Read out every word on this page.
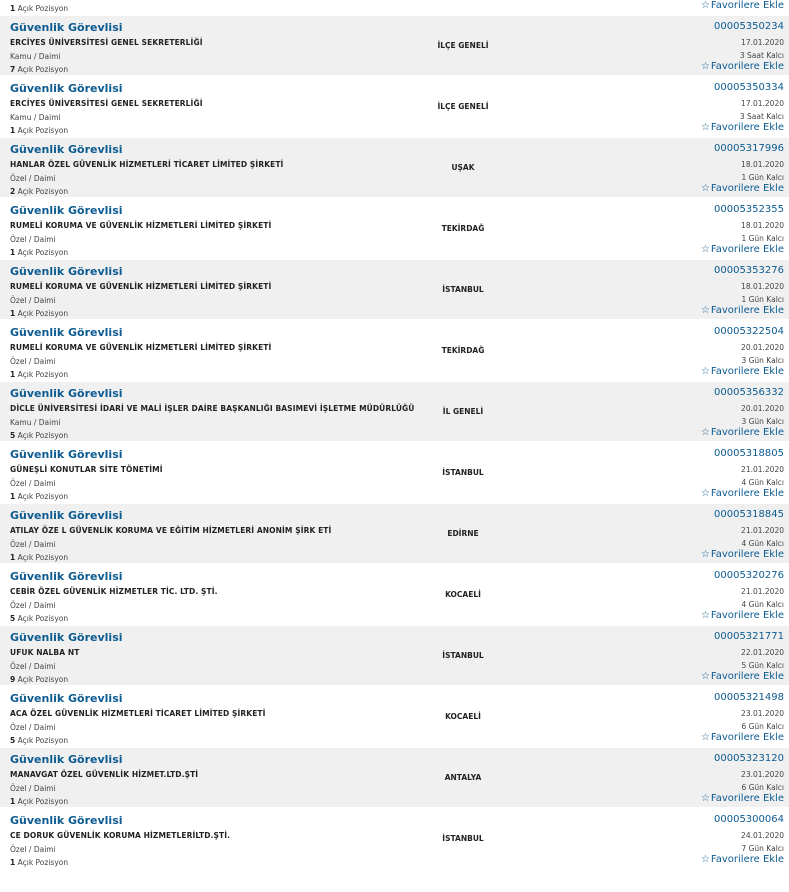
1 Açık Pozisyon	☆Favorilere Ekle
Güvenlik Görevlisi
ERCİYES ÜNİVERSİTESİ GENEL SEKRETERLİĞİ
Kamu / Daimi
7 Açık Pozisyon
İLÇE GENELİ
00005350234
17.01.2020
3 Saat Kalcı
☆Favorilere Ekle
Güvenlik Görevlisi
ERCİYES ÜNİVERSİTESİ GENEL SEKRETERLİĞİ
Kamu / Daimi
1 Açık Pozisyon
İLÇE GENELİ
00005350334
17.01.2020
3 Saat Kalcı
☆Favorilere Ekle
Güvenlik Görevlisi
HANLAR ÖZEL GÜVENLİK HİZMETLERİ TİCARET LİMİTED ŞİRKETİ
Özel / Daimi
2 Açık Pozisyon
UŞAK
00005317996
18.01.2020
1 Gün Kalcı
☆Favorilere Ekle
Güvenlik Görevlisi
RUMELİ KORUMA VE GÜVENLİK HİZMETLERİ LİMİTED ŞİRKETİ
Özel / Daimi
1 Açık Pozisyon
TEKİRDAĞ
00005352355
18.01.2020
1 Gün Kalcı
☆Favorilere Ekle
Güvenlik Görevlisi
RUMELİ KORUMA VE GÜVENLİK HİZMETLERİ LİMİTED ŞİRKETİ
Özel / Daimi
1 Açık Pozisyon
İSTANBUL
00005353276
18.01.2020
1 Gün Kalcı
☆Favorilere Ekle
Güvenlik Görevlisi
RUMELİ KORUMA VE GÜVENLİK HİZMETLERİ LİMİTED ŞİRKETİ
Özel / Daimi
1 Açık Pozisyon
TEKİRDAĞ
00005322504
20.01.2020
3 Gün Kalcı
☆Favorilere Ekle
Güvenlik Görevlisi
DİCLE ÜNİVERSİTESİ İDARİ VE MALİ İŞLER DAİRE BAŞKANLIĞI BASIMEVİ İŞLETME MÜDÜRLÜĞÜ
Kamu / Daimi
5 Açık Pozisyon
İL GENELİ
00005356332
20.01.2020
3 Gün Kalcı
☆Favorilere Ekle
Güvenlik Görevlisi
GÜNEŞLİ KONUTLAR SİTE TÖNETİMİ
Özel / Daimi
1 Açık Pozisyon
İSTANBUL
00005318805
21.01.2020
4 Gün Kalcı
☆Favorilere Ekle
Güvenlik Görevlisi
ATILAY ÖZE L GÜVENLİK KORUMA VE EĞİTİM HİZMETLERİ ANONİM ŞİRK ETİ
Özel / Daimi
1 Açık Pozisyon
EDİRNE
00005318845
21.01.2020
4 Gün Kalcı
☆Favorilere Ekle
Güvenlik Görevlisi
CEBİR ÖZEL GÜVENLİK HİZMETLER TİC. LTD. ŞTİ.
Özel / Daimi
5 Açık Pozisyon
KOCAELİ
00005320276
21.01.2020
4 Gün Kalcı
☆Favorilere Ekle
Güvenlik Görevlisi
UFUK NALBA NT
Özel / Daimi
9 Açık Pozisyon
İSTANBUL
00005321771
22.01.2020
5 Gün Kalcı
☆Favorilere Ekle
Güvenlik Görevlisi
ACA ÖZEL GÜVENLİK HİZMETLERİ TİCARET LİMİTED ŞİRKETİ
Özel / Daimi
5 Açık Pozisyon
KOCAELİ
00005321498
23.01.2020
6 Gün Kalcı
☆Favorilere Ekle
Güvenlik Görevlisi
MANAVGAT ÖZEL GÜVENLİK HİZMET.LTD.ŞTİ
Özel / Daimi
1 Açık Pozisyon
ANTALYA
00005323120
23.01.2020
6 Gün Kalcı
☆Favorilere Ekle
Güvenlik Görevlisi
CE DORUK GÜVENLİK KORUMA HİZMETLERİLTD.ŞTİ.
Özel / Daimi
1 Açık Pozisyon
İSTANBUL
00005300064
24.01.2020
7 Gün Kalcı
☆Favorilere Ekle
